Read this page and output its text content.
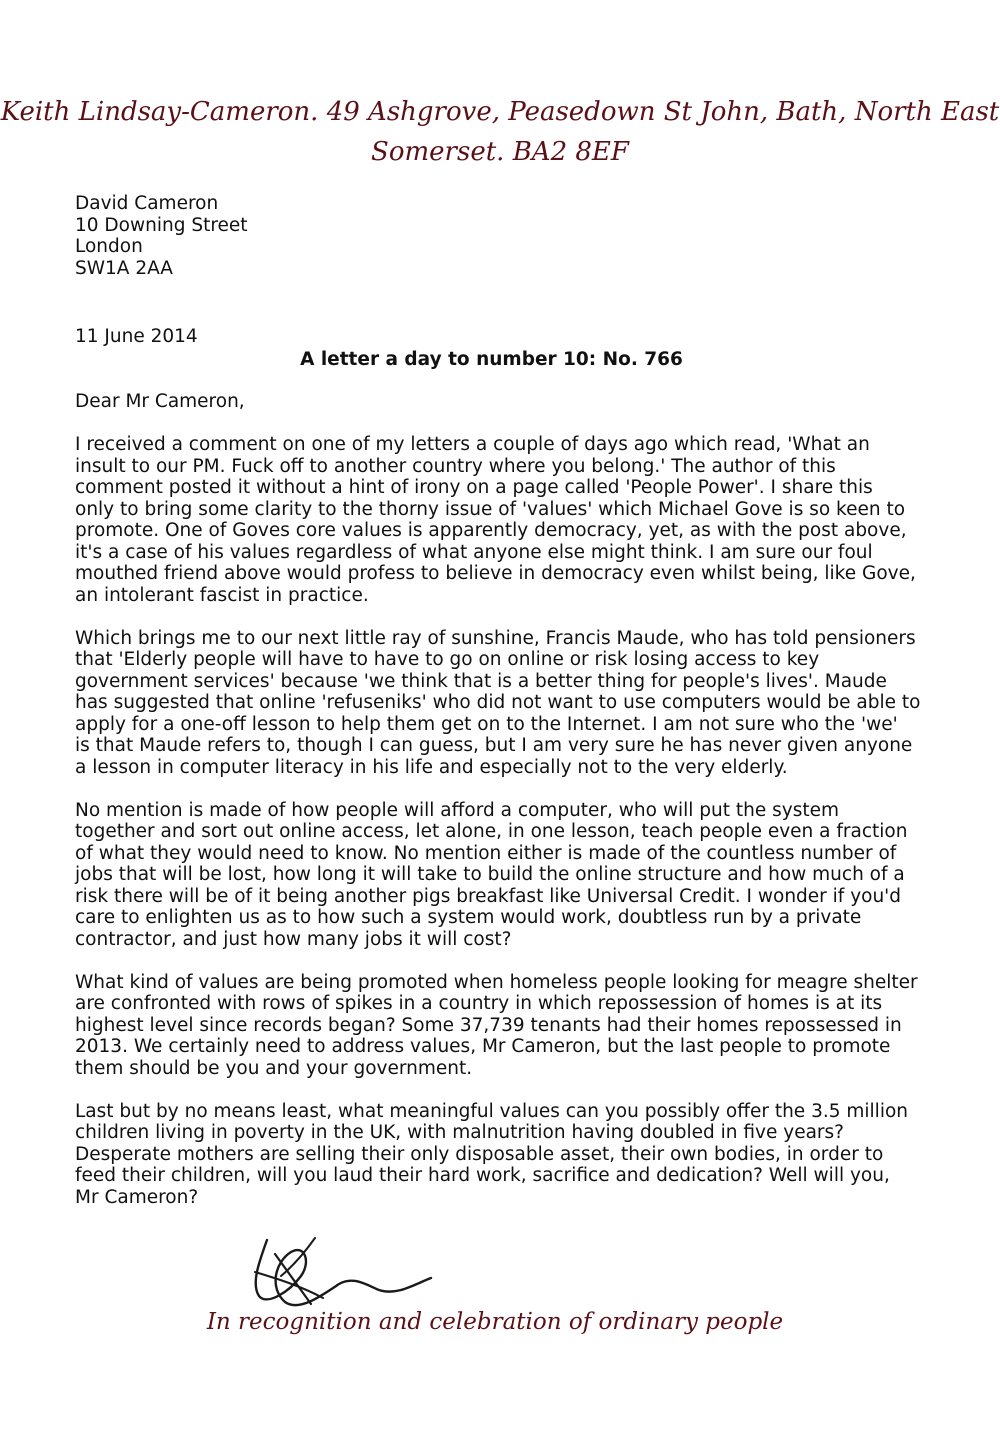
Keith Lindsay-Cameron. 49 Ashgrove, Peasedown St John, Bath, North East
Somerset. BA2 8EF
David Cameron
10 Downing Street
London
SW1A 2AA
11 June 2014
A letter a day to number 10: No. 766
Dear Mr Cameron,

I received a comment on one of my letters a couple of days ago which read, 'What an
insult to our PM. Fuck off to another country where you belong.' The author of this
comment posted it without a hint of irony on a page called 'People Power'. I share this
only to bring some clarity to the thorny issue of 'values' which Michael Gove is so keen to
promote. One of Goves core values is apparently democracy, yet, as with the post above,
it's a case of his values regardless of what anyone else might think. I am sure our foul
mouthed friend above would profess to believe in democracy even whilst being, like Gove,
an intolerant fascist in practice.

Which brings me to our next little ray of sunshine, Francis Maude, who has told pensioners
that 'Elderly people will have to have to go on online or risk losing access to key
government services' because 'we think that is a better thing for people's lives'. Maude
has suggested that online 'refuseniks' who did not want to use computers would be able to
apply for a one-off lesson to help them get on to the Internet. I am not sure who the 'we'
is that Maude refers to, though I can guess, but I am very sure he has never given anyone
a lesson in computer literacy in his life and especially not to the very elderly.

No mention is made of how people will afford a computer, who will put the system
together and sort out online access, let alone, in one lesson, teach people even a fraction
of what they would need to know. No mention either is made of the countless number of
jobs that will be lost, how long it will take to build the online structure and how much of a
risk there will be of it being another pigs breakfast like Universal Credit. I wonder if you'd
care to enlighten us as to how such a system would work, doubtless run by a private
contractor, and just how many jobs it will cost?

What kind of values are being promoted when homeless people looking for meagre shelter
are confronted with rows of spikes in a country in which repossession of homes is at its
highest level since records began? Some 37,739 tenants had their homes repossessed in
2013. We certainly need to address values, Mr Cameron, but the last people to promote
them should be you and your government.

Last but by no means least, what meaningful values can you possibly offer the 3.5 million
children living in poverty in the UK, with malnutrition having doubled in five years?
Desperate mothers are selling their only disposable asset, their own bodies, in order to
feed their children, will you laud their hard work, sacrifice and dedication? Well will you,
Mr Cameron?

In recognition and celebration of ordinary people
